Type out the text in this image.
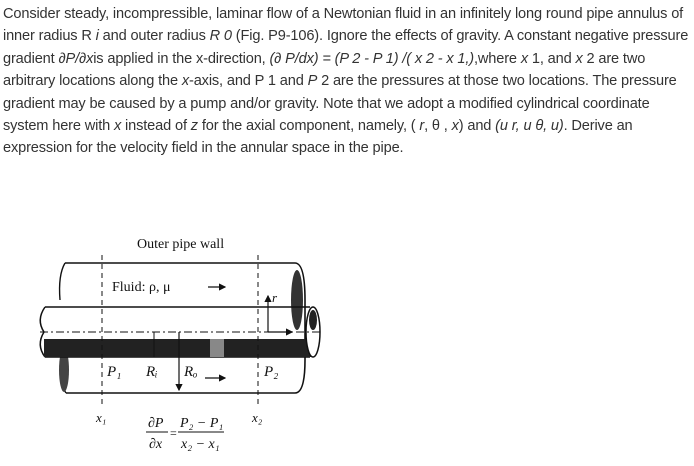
Consider steady, incompressible, laminar flow of a Newtonian fluid in an infinitely long round pipe annulus of inner radius R i and outer radius R 0 (Fig. P9-106). Ignore the effects of gravity. A constant negative pressure gradient ∂P/∂xis applied in the x-direction, (∂ P/dx) = (P 2 - P 1) /( x 2 - x 1,),where x 1, and x 2 are two arbitrary locations along the x-axis, and P 1 and P 2 are the pressures at those two locations. The pressure gradient may be caused by a pump and/or gravity. Note that we adopt a modified cylindrical coordinate system here with x instead of z for the axial component, namely, ( r, θ , x) and (u r, u θ, u). Derive an expression for the velocity field in the annular space in the pipe.

Outer pipe wall
Fluid: ρ, μ
r
P₁ Rᵢ Rₒ	P₂
x₁	x₂
∂P
∂x
=
P₂ − P₁
x₂ − x₁
